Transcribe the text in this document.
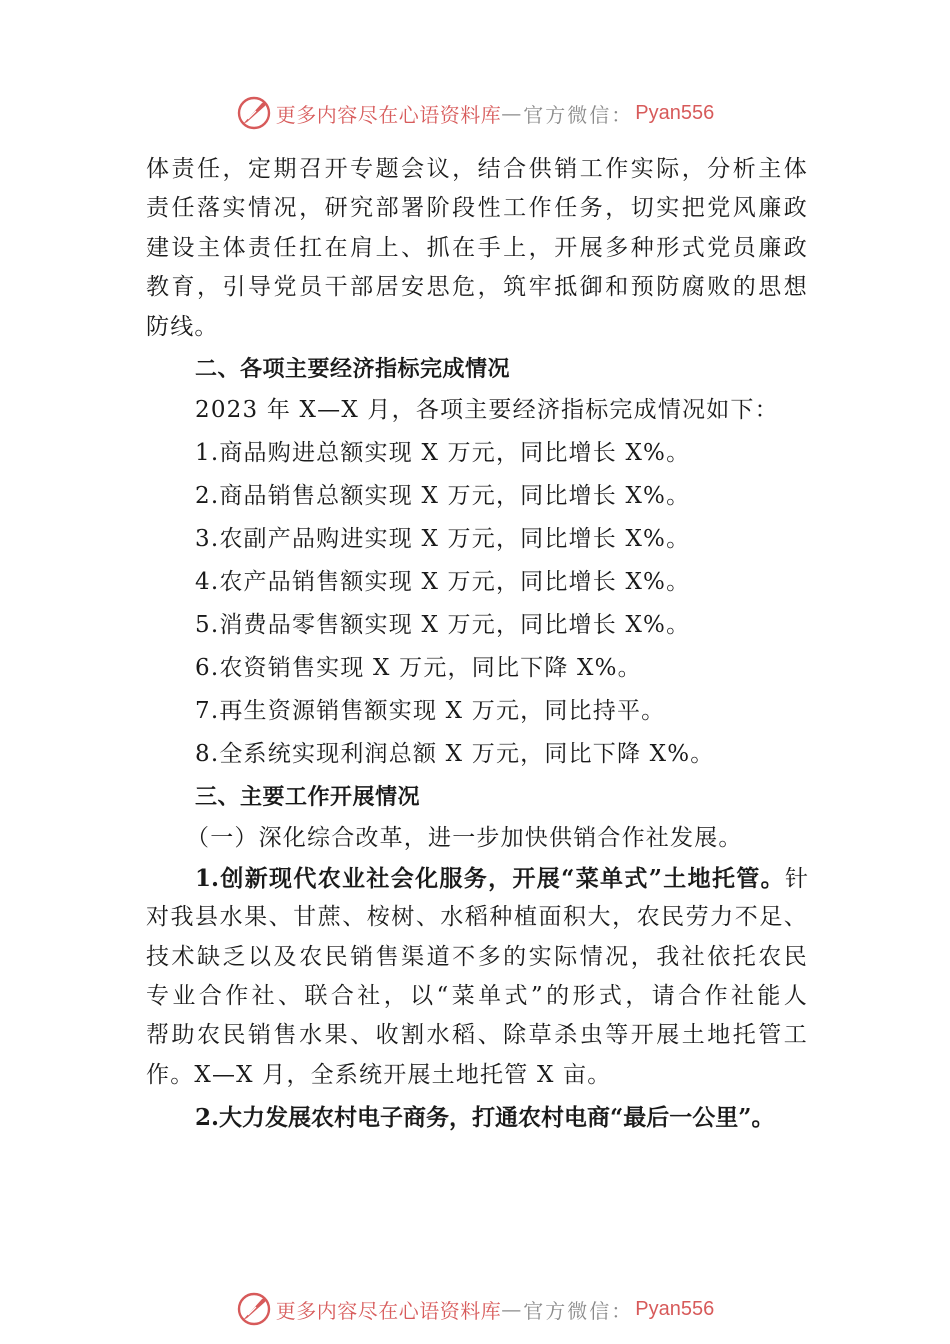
更多内容尽在心语资料库 — 官方微信： Pyan556
体责任，定期召开专题会议，结合供销工作实际，分析主体
责任落实情况，研究部署阶段性工作任务，切实把党风廉政
建设主体责任扛在肩上、抓在手上，开展多种形式党员廉政
教育，引导党员干部居安思危，筑牢抵御和预防腐败的思想
防线。
二、各项主要经济指标完成情况
2023 年 X—X 月，各项主要经济指标完成情况如下：
1.商品购进总额实现 X 万元，同比增长 X%。
2.商品销售总额实现 X 万元，同比增长 X%。
3.农副产品购进实现 X 万元，同比增长 X%。
4.农产品销售额实现 X 万元，同比增长 X%。
5.消费品零售额实现 X 万元，同比增长 X%。
6.农资销售实现 X 万元，同比下降 X%。
7.再生资源销售额实现 X 万元，同比持平。
8.全系统实现利润总额 X 万元，同比下降 X%。
三、主要工作开展情况
（一）深化综合改革，进一步加快供销合作社发展。
1.创新现代农业社会化服务，开展“菜单式”土地托管。针
对我县水果、甘蔗、桉树、水稻种植面积大，农民劳力不足、
技术缺乏以及农民销售渠道不多的实际情况，我社依托农民
专业合作社、联合社，以“菜单式”的形式，请合作社能人
帮助农民销售水果、收割水稻、除草杀虫等开展土地托管工
作。X—X 月，全系统开展土地托管 X 亩。
2.大力发展农村电子商务，打通农村电商“最后一公里”。
更多内容尽在心语资料库 — 官方微信： Pyan556
